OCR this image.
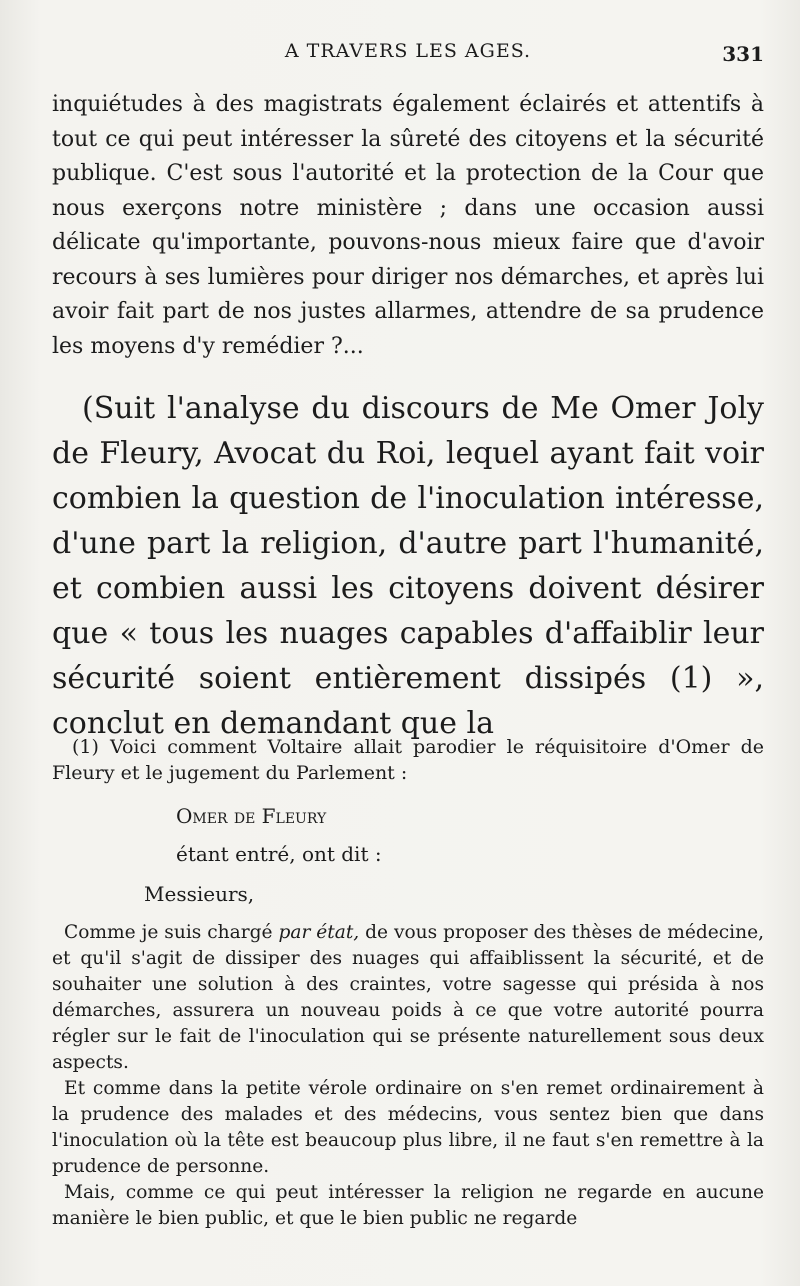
A TRAVERS LES AGES.	331

inquiétudes à des magistrats également éclairés et attentifs à tout ce qui peut intéresser la sûreté des citoyens et la sécurité publique. C'est sous l'autorité et la protection de la Cour que nous exerçons notre ministère ; dans une occasion aussi délicate qu'importante, pouvons-nous mieux faire que d'avoir recours à ses lumières pour diriger nos démarches, et après lui avoir fait part de nos justes allarmes, attendre de sa prudence les moyens d'y remédier ?...

(Suit l'analyse du discours de Me Omer Joly de Fleury, Avocat du Roi, lequel ayant fait voir combien la question de l'inoculation intéresse, d'une part la religion, d'autre part l'humanité, et combien aussi les citoyens doivent désirer que « tous les nuages capables d'affaiblir leur sécurité soient entièrement dissipés (1) », conclut en demandant que la

(1) Voici comment Voltaire allait parodier le réquisitoire d'Omer de Fleury et le jugement du Parlement :

Omer de Fleury

étant entré, ont dit :

Messieurs,

Comme je suis chargé par état, de vous proposer des thèses de médecine, et qu'il s'agit de dissiper des nuages qui affaiblissent la sécurité, et de souhaiter une solution à des craintes, votre sagesse qui présida à nos démarches, assurera un nouveau poids à ce que votre autorité pourra régler sur le fait de l'inoculation qui se présente naturellement sous deux aspects.

Et comme dans la petite vérole ordinaire on s'en remet ordinairement à la prudence des malades et des médecins, vous sentez bien que dans l'inoculation où la tête est beaucoup plus libre, il ne faut s'en remettre à la prudence de personne.

Mais, comme ce qui peut intéresser la religion ne regarde en aucune manière le bien public, et que le bien public ne regarde
